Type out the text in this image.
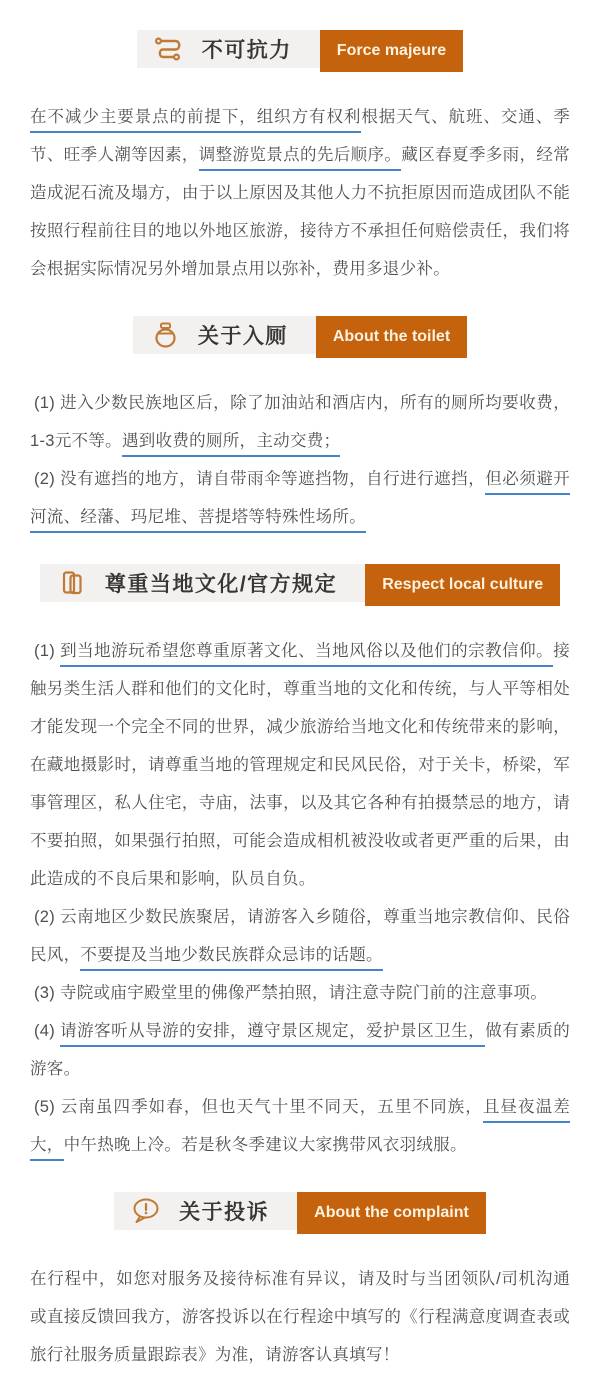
不可抗力	Force majeure

在不减少主要景点的前提下，组织方有权利根据天气、航班、交通、季节、旺季人潮等因素，调整游览景点的先后顺序。藏区春夏季多雨，经常造成泥石流及塌方，由于以上原因及其他人力不抗拒原因而造成团队不能按照行程前往目的地以外地区旅游，接待方不承担任何赔偿责任，我们将会根据实际情况另外增加景点用以弥补，费用多退少补。

关于入厕	About the toilet

(1) 进入少数民族地区后，除了加油站和酒店内，所有的厕所均要收费，1-3元不等。遇到收费的厕所，主动交费；

(2) 没有遮挡的地方，请自带雨伞等遮挡物，自行进行遮挡，但必须避开河流、经藩、玛尼堆、菩提塔等特殊性场所。

尊重当地文化/官方规定	Respect local culture

(1) 到当地游玩希望您尊重原著文化、当地风俗以及他们的宗教信仰。接触另类生活人群和他们的文化时，尊重当地的文化和传统，与人平等相处才能发现一个完全不同的世界，减少旅游给当地文化和传统带来的影响，在藏地摄影时，请尊重当地的管理规定和民风民俗，对于关卡，桥梁，军事管理区，私人住宅，寺庙，法事，以及其它各种有拍摄禁忌的地方，请不要拍照，如果强行拍照，可能会造成相机被没收或者更严重的后果，由此造成的不良后果和影响，队员自负。

(2) 云南地区少数民族聚居，请游客入乡随俗，尊重当地宗教信仰、民俗民风，不要提及当地少数民族群众忌讳的话题。

(3) 寺院或庙宇殿堂里的佛像严禁拍照，请注意寺院门前的注意事项。

(4) 请游客听从导游的安排，遵守景区规定，爱护景区卫生，做有素质的游客。

(5) 云南虽四季如春，但也天气十里不同天，五里不同族，且昼夜温差大，中午热晚上冷。若是秋冬季建议大家携带风衣羽绒服。

关于投诉	About the complaint

在行程中，如您对服务及接待标准有异议，请及时与当团领队/司机沟通或直接反馈回我方，游客投诉以在行程途中填写的《行程满意度调查表或旅行社服务质量跟踪表》为准，请游客认真填写！
